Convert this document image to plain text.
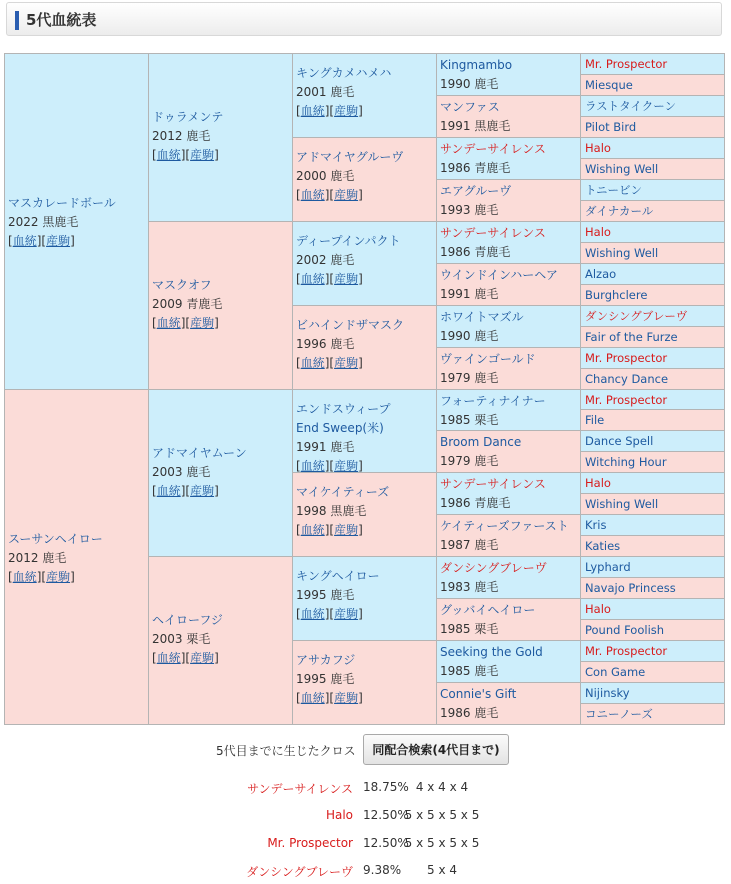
5代血統表
マスカレードボール
2022 黒鹿毛
[血統][産駒]
ドゥラメンテ
2012 鹿毛
[血統][産駒]
キングカメハメハ
2001 鹿毛
[血統][産駒]
Kingmambo
1990 鹿毛
Mr. Prospector
Miesque
マンファス
1991 黒鹿毛
ラストタイクーン
Pilot Bird
アドマイヤグルーヴ
2000 鹿毛
[血統][産駒]
サンデーサイレンス
1986 青鹿毛
Halo
Wishing Well
エアグルーヴ
1993 鹿毛
トニービン
ダイナカール
マスクオフ
2009 青鹿毛
[血統][産駒]
ディープインパクト
2002 鹿毛
[血統][産駒]
サンデーサイレンス
1986 青鹿毛
Halo
Wishing Well
ウインドインハーヘア
1991 鹿毛
Alzao
Burghclere
ビハインドザマスク
1996 鹿毛
[血統][産駒]
ホワイトマズル
1990 鹿毛
ダンシングブレーヴ
Fair of the Furze
ヴァインゴールド
1979 鹿毛
Mr. Prospector
Chancy Dance
スーサンヘイロー
2012 鹿毛
[血統][産駒]
アドマイヤムーン
2003 鹿毛
[血統][産駒]
エンドスウィープ
End Sweep(米)
1991 鹿毛
[血統][産駒]
フォーティナイナー
1985 栗毛
Mr. Prospector
File
Broom Dance
1979 鹿毛
Dance Spell
Witching Hour
マイケイティーズ
1998 黒鹿毛
[血統][産駒]
サンデーサイレンス
1986 青鹿毛
Halo
Wishing Well
ケイティーズファースト
1987 鹿毛
Kris
Katies
ヘイローフジ
2003 栗毛
[血統][産駒]
キングヘイロー
1995 鹿毛
[血統][産駒]
ダンシングブレーヴ
1983 鹿毛
Lyphard
Navajo Princess
グッバイヘイロー
1985 栗毛
Halo
Pound Foolish
アサカフジ
1995 鹿毛
[血統][産駒]
Seeking the Gold
1985 鹿毛
Mr. Prospector
Con Game
Connie's Gift
1986 鹿毛
Nijinsky
コニーノーズ
5代目までに生じたクロス	同配合検索(4代目まで)
サンデーサイレンス 18.75% 4 x 4 x 4
Halo 12.50%
5 x 5 x 5 x 5
Mr. Prospector 12.50%
5 x 5 x 5 x 5
ダンシングブレーヴ 9.38%	5 x 4
